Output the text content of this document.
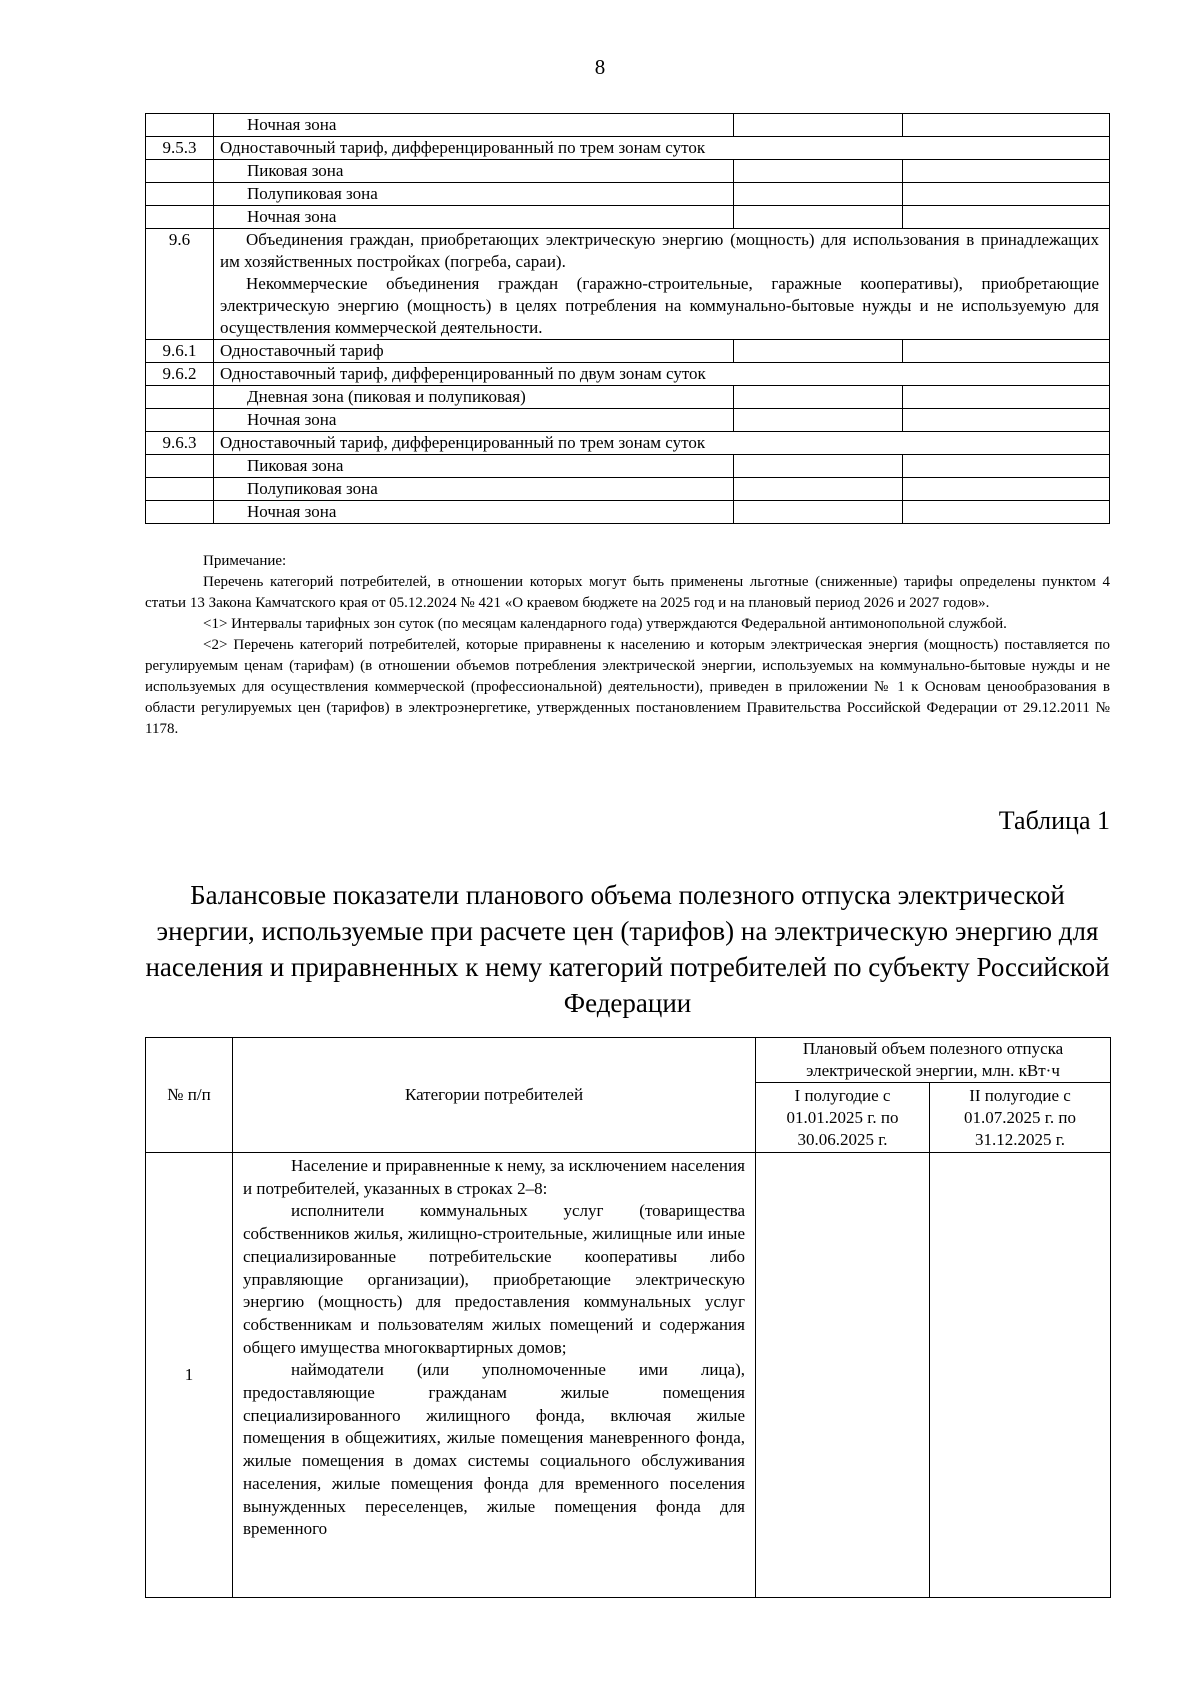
8
	Ночная зона		
9.5.3	Одноставочный тариф, дифференцированный по трем зонам суток		
	Пиковая зона		
	Полупиковая зона		
	Ночная зона		
9.6	Объединения граждан, приобретающих электрическую энергию (мощность) для использования в принадлежащих им хозяйственных постройках (погреба, сараи).

Некоммерческие объединения граждан (гаражно-строительные, гаражные кооперативы), приобретающие электрическую энергию (мощность) в целях потребления на коммунально-бытовые нужды и не используемую для осуществления коммерческой деятельности.		

9.6.1	Одноставочный тариф		
9.6.2	Одноставочный тариф, дифференцированный по двум зонам суток		
	Дневная зона (пиковая и полупиковая)		
	Ночная зона		
9.6.3	Одноставочный тариф, дифференцированный по трем зонам суток		
	Пиковая зона		
	Полупиковая зона		
	Ночная зона		

Примечание:

Перечень категорий потребителей, в отношении которых могут быть применены льготные (сниженные) тарифы определены пунктом 4 статьи 13 Закона Камчатского края от 05.12.2024 № 421 «О краевом бюджете на 2025 год и на плановый период 2026 и 2027 годов».

<1> Интервалы тарифных зон суток (по месяцам календарного года) утверждаются Федеральной антимонопольной службой.

<2> Перечень категорий потребителей, которые приравнены к населению и которым электрическая энергия (мощность) поставляется по регулируемым ценам (тарифам) (в отношении объемов потребления электрической энергии, используемых на коммунально-бытовые нужды и не используемых для осуществления коммерческой (профессиональной) деятельности), приведен в приложении № 1 к Основам ценообразования в области регулируемых цен (тарифов) в электроэнергетике, утвержденных постановлением Правительства Российской Федерации от 29.12.2011 № 1178.

Таблица 1
Балансовые показатели планового объема полезного отпуска электрической энергии, используемые при расчете цен (тарифов) на электрическую энергию для населения и приравненных к нему категорий потребителей по субъекту Российской Федерации
№ п/п	Категории потребителей	Плановый объем полезного отпуска электрической энергии, млн. кВт·ч	
		I полугодие с 01.01.2025 г. по 30.06.2025 г.	II полугодие с 01.07.2025 г. по 31.12.2025 г.
1	Население и приравненные к нему, за исключением населения и потребителей, указанных в строках 2–8:

исполнители коммунальных услуг (товарищества собственников жилья, жилищно-строительные, жилищные или иные специализированные потребительские кооперативы либо управляющие организации), приобретающие электрическую энергию (мощность) для предоставления коммунальных услуг собственникам и пользователям жилых помещений и содержания общего имущества многоквартирных домов;

наймодатели (или уполномоченные ими лица), предоставляющие гражданам жилые помещения специализированного жилищного фонда, включая жилые помещения в общежитиях, жилые помещения маневренного фонда, жилые помещения в домах системы социального обслуживания населения, жилые помещения фонда для временного поселения вынужденных переселенцев, жилые помещения фонда для временного		
